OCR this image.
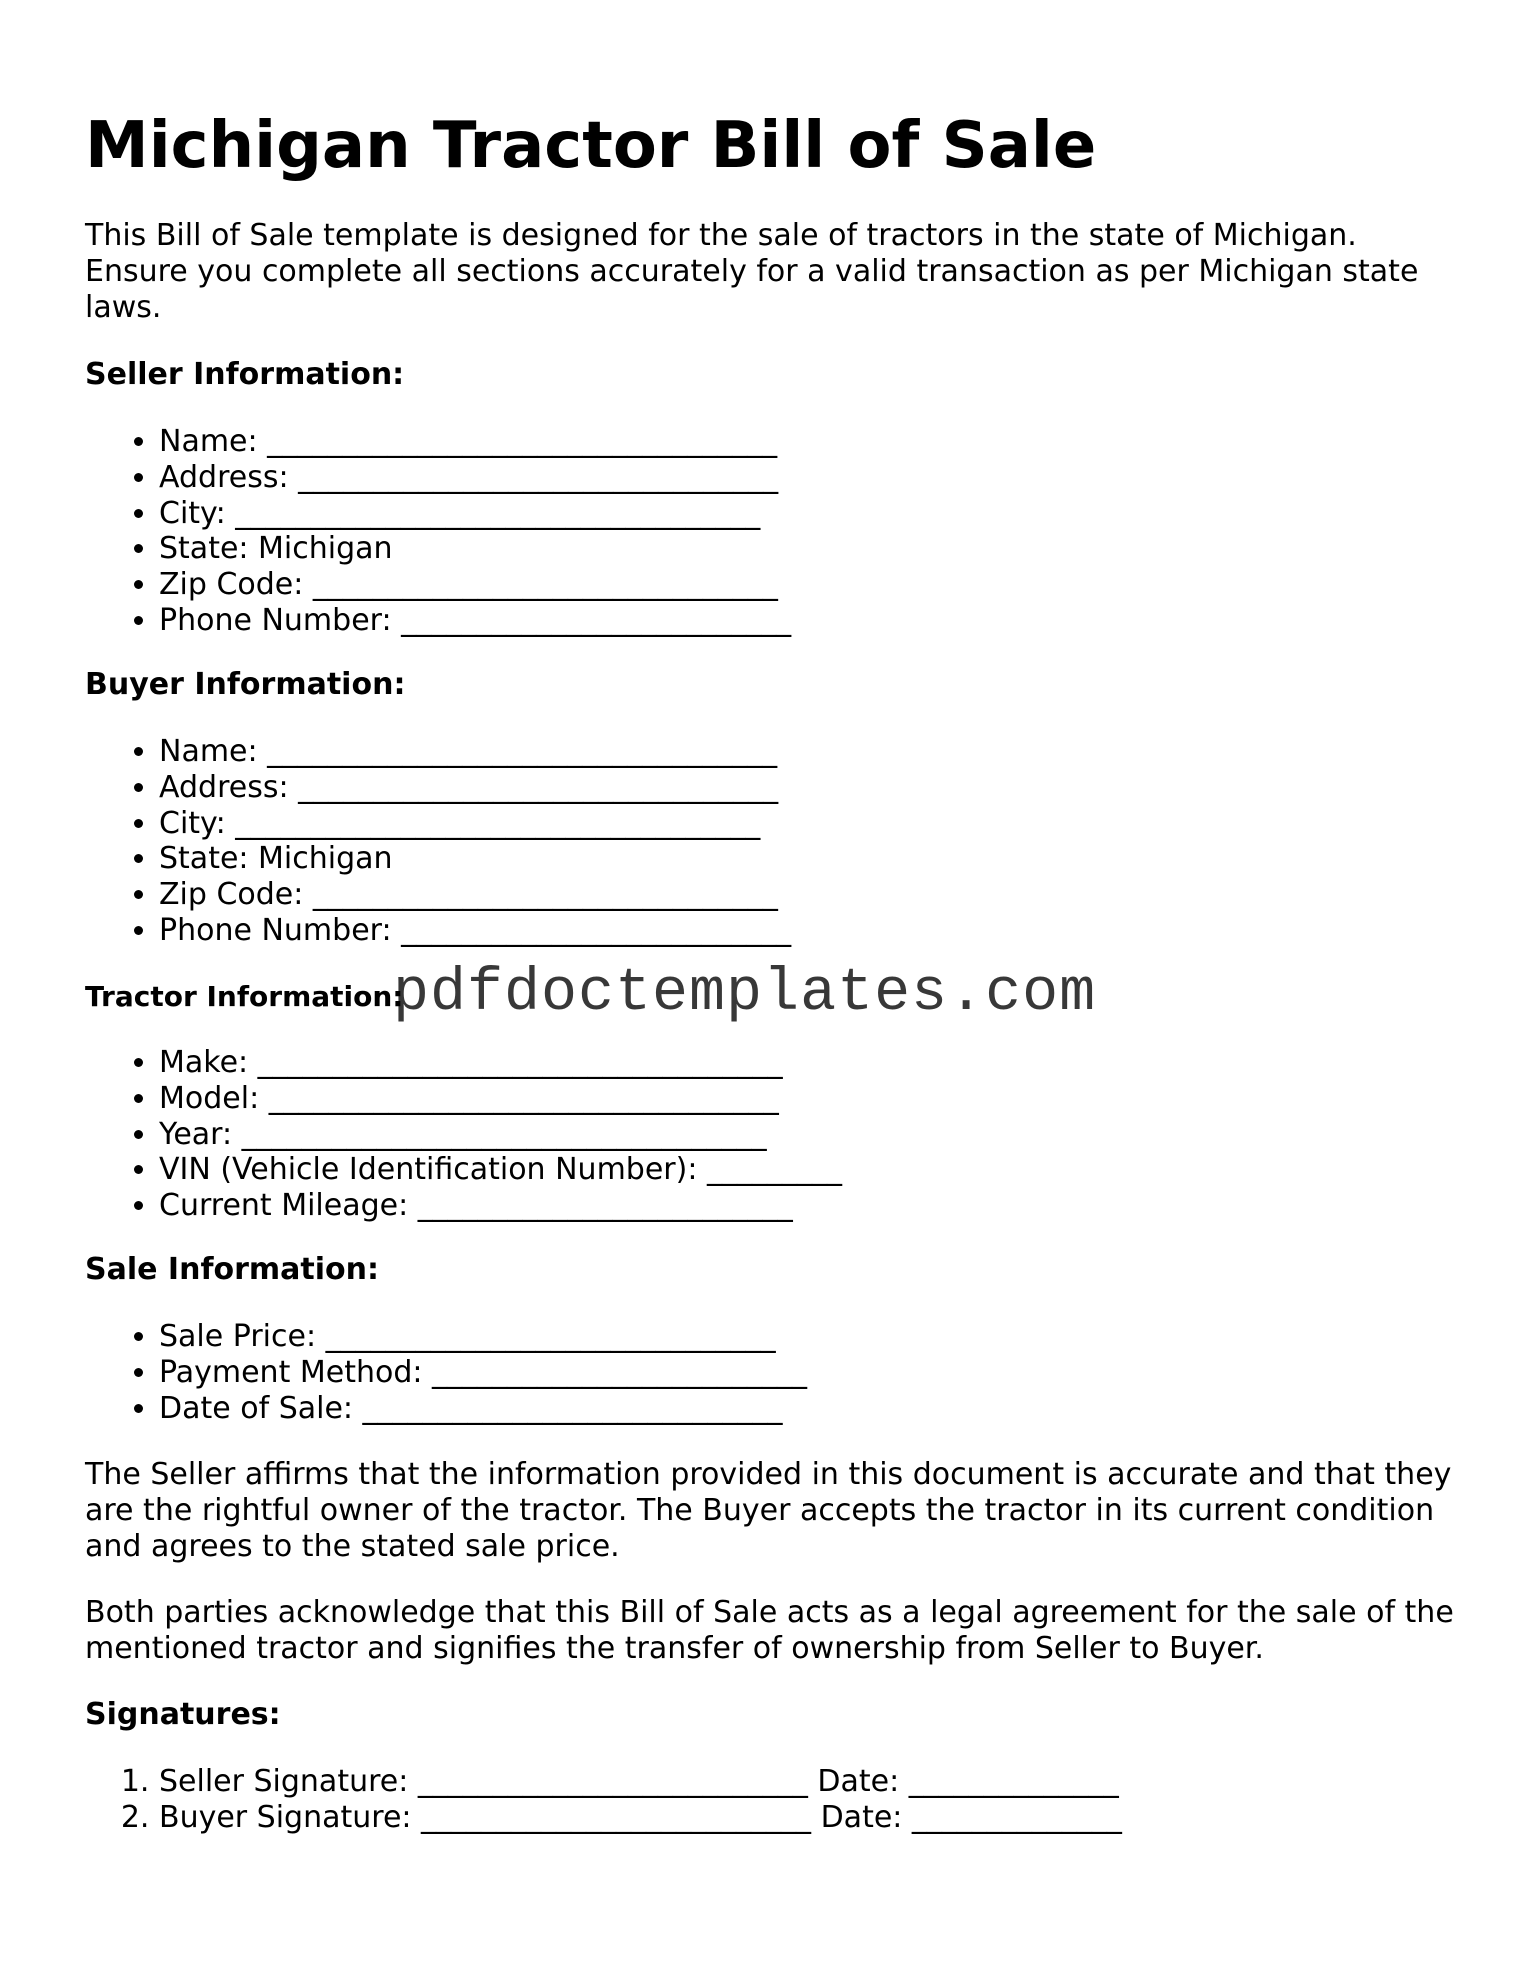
Michigan Tractor Bill of Sale
This Bill of Sale template is designed for the sale of tractors in the state of Michigan. Ensure you complete all sections accurately for a valid transaction as per Michigan state laws.
Seller Information:
• Name: __________________________________
• Address: ________________________________
• City: ___________________________________
• State: Michigan
• Zip Code: _______________________________
• Phone Number: __________________________
Buyer Information:
• Name: __________________________________
• Address: ________________________________
• City: ___________________________________
• State: Michigan
• Zip Code: _______________________________
• Phone Number: __________________________
Tractor Information:
• Make: ___________________________________
• Model: __________________________________
• Year: ___________________________________
• VIN (Vehicle Identification Number): _________
• Current Mileage: _________________________
Sale Information:
• Sale Price: ______________________________
• Payment Method: _________________________
• Date of Sale: ____________________________
The Seller affirms that the information provided in this document is accurate and that they are the rightful owner of the tractor. The Buyer accepts the tractor in its current condition and agrees to the stated sale price.
Both parties acknowledge that this Bill of Sale acts as a legal agreement for the sale of the mentioned tractor and signifies the transfer of ownership from Seller to Buyer.
Signatures:
1. Seller Signature: __________________________ Date: ______________
2. Buyer Signature: __________________________ Date: ______________
pdfdoctemplates.com
